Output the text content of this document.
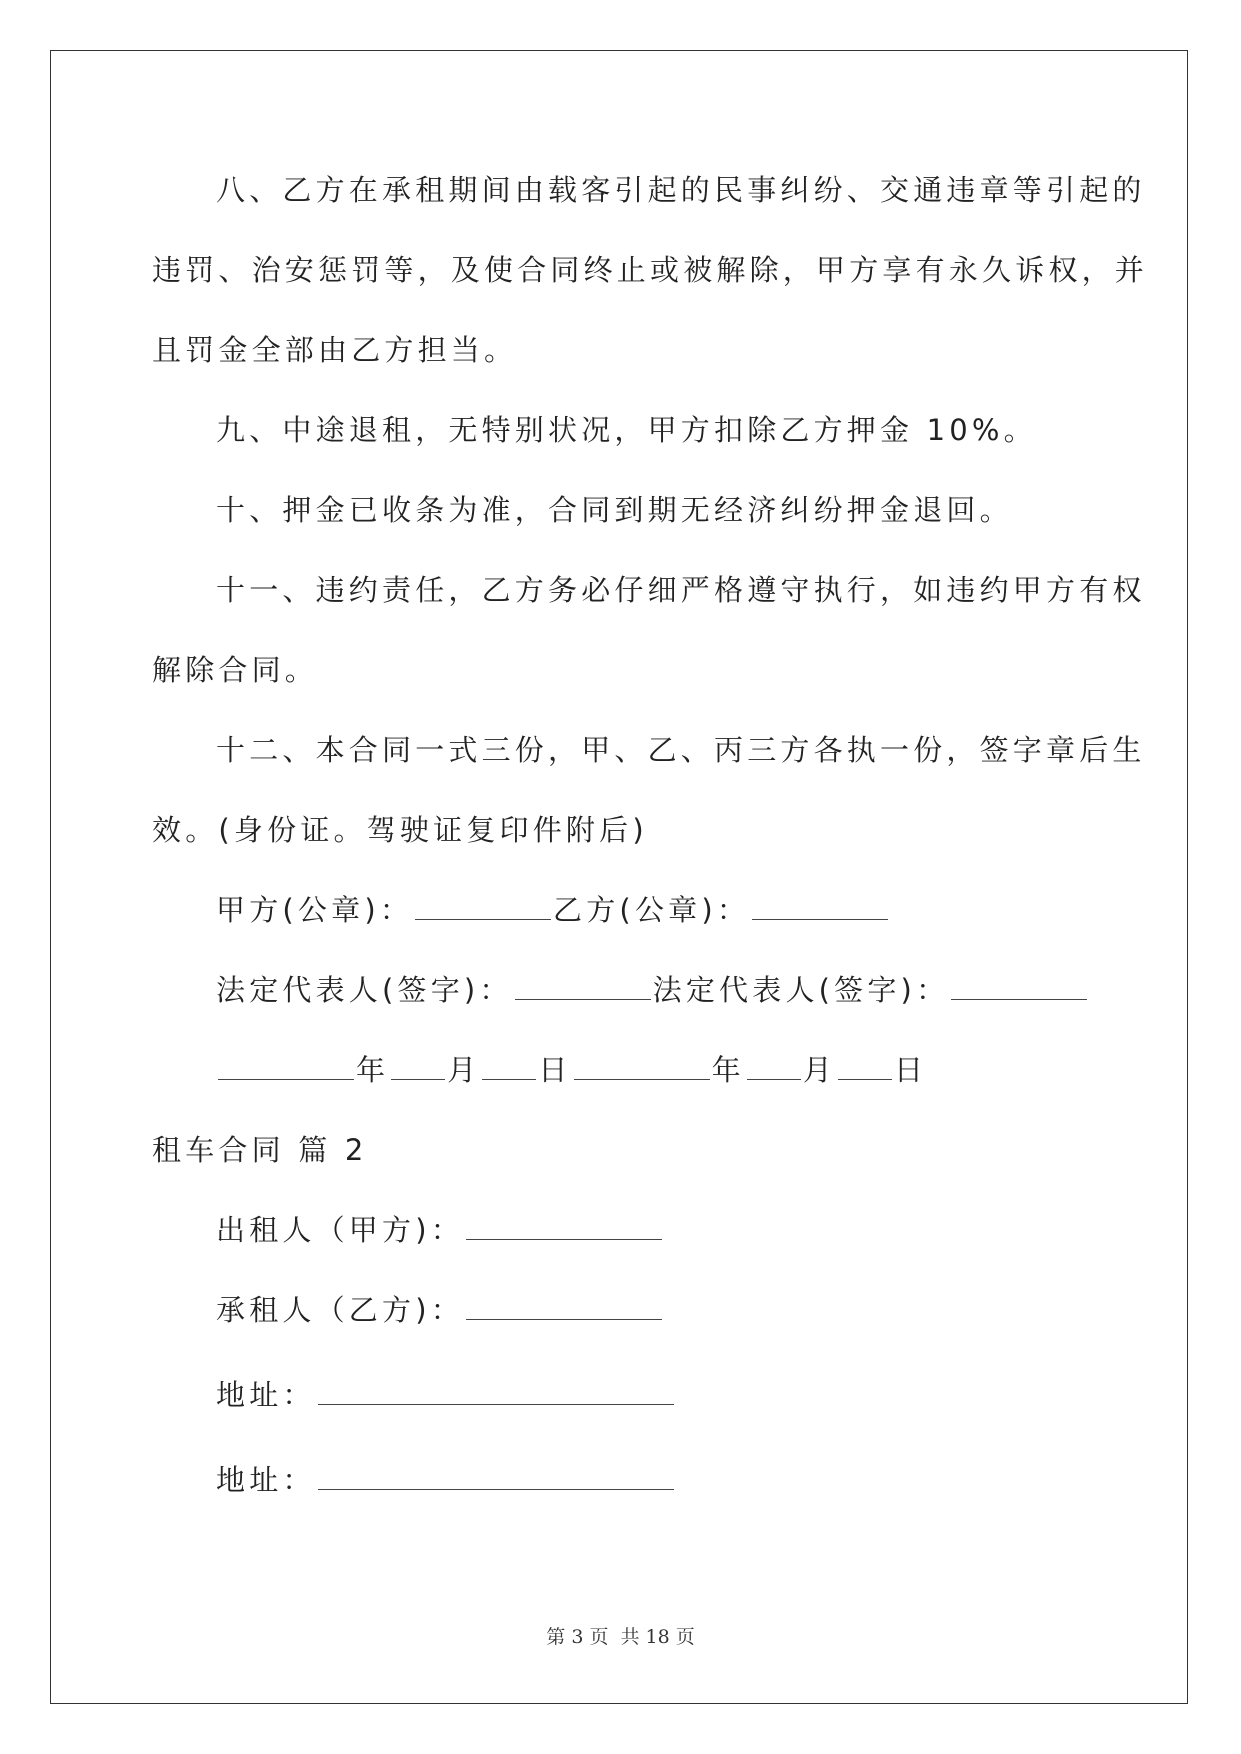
八、乙方在承租期间由载客引起的民事纠纷、交通违章等引起的
违罚、治安惩罚等，及使合同终止或被解除，甲方享有永久诉权，并
且罚金全部由乙方担当。
九、中途退租，无特别状况，甲方扣除乙方押金 10%。
十、押金已收条为准，合同到期无经济纠纷押金退回。
十一、违约责任，乙方务必仔细严格遵守执行，如违约甲方有权
解除合同。
十二、本合同一式三份，甲、乙、丙三方各执一份，签字章后生
效。(身份证。驾驶证复印件附后)
甲方(公章)：	乙方(公章)：
法定代表人(签字)：	法定代表人(签字)：
年 月 日	年 月 日
租车合同 篇 2
出租人（甲方)：
承租人（乙方)：
地址：
地址：
第 3 页 共 18 页
